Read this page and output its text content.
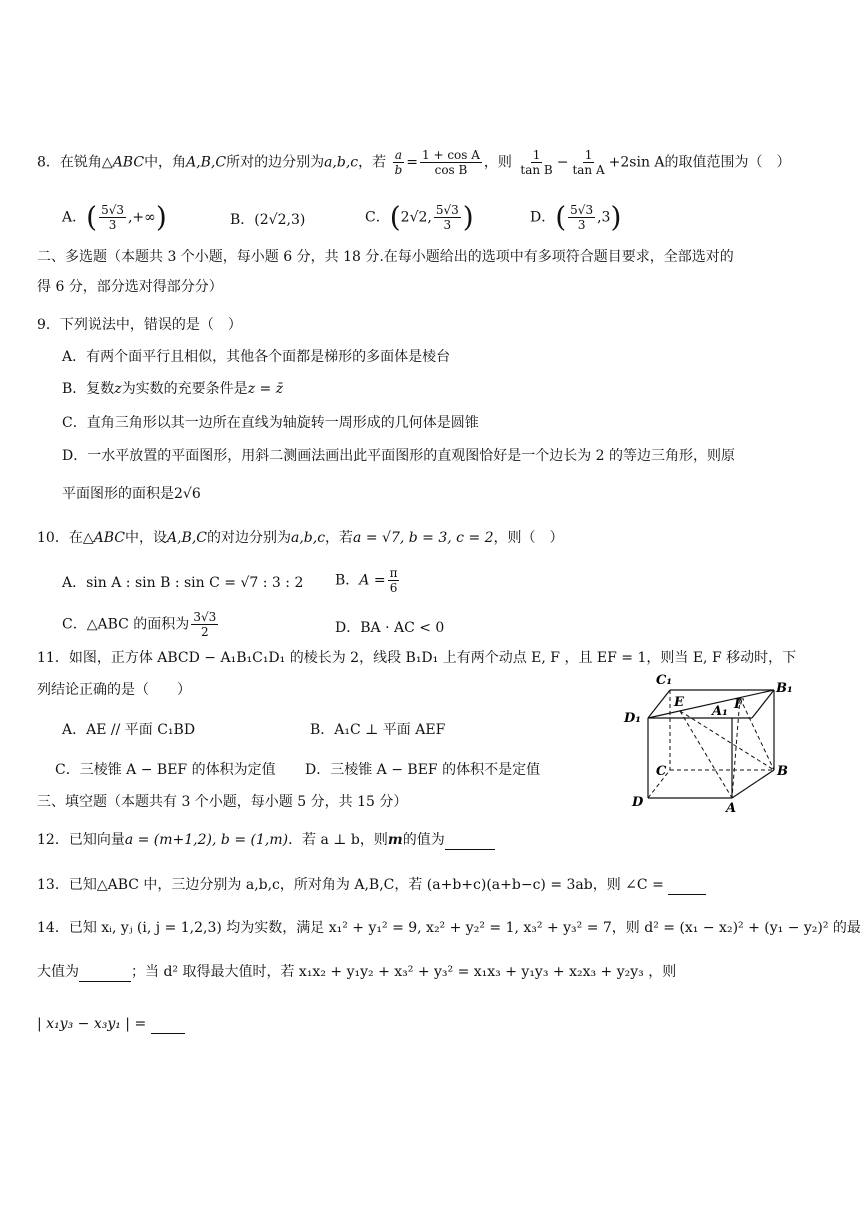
8．在锐角△ABC中，角A,B,C所对的边分别为a,b,c，若 $\frac{a}{b} = \frac{\text{1 + cos A}}{\text{cos B}}$ ，则 $\frac{1}{\text{tan B}} - \frac{1}{\text{tan A}} +2\sin$ A的取值范围为（　）
A．( $\frac{5√3}{3}$ ,+∞)	B．(2√2,3)	C．(2√2, $\frac{5√3}{3}$ )	D．( $\frac{5√3}{3} ,3$)
二、多选题（本题共 3 个小题，每小题 6 分，共 18 分.在每小题给出的选项中有多项符合题目要求，全部选对的
得 6 分，部分选对得部分分）
9．下列说法中，错误的是（　）
A．有两个面平行且相似，其他各个面都是梯形的多面体是棱台
B．复数z为实数的充要条件是z = z̄
C．直角三角形以其一边所在直线为轴旋转一周形成的几何体是圆锥
D．一水平放置的平面图形，用斜二测画法画出此平面图形的直观图恰好是一个边长为 2 的等边三角形，则原
平面图形的面积是2√6
10．在△ABC中，设A,B,C的对边分别为a,b,c，若a = √7, b = 3, c = 2，则（　）
A．sin A : sin B : sin C = √7 : 3 : 2 B．$A = \frac{\pi}{6}$
C．△ABC 的面积为 $\frac{3√3}{2}$	D．BA · AC < 0
11．如图，正方体 ABCD − A₁B₁C₁D₁ 的棱长为 2，线段 B₁D₁ 上有两个动点 E, F ，且 EF = 1，则当 E, F 移动时，下
列结论正确的是（　　）
A．AE // 平面 C₁BD	B．A₁C ⊥ 平面 AEF
C．三棱锥 A − BEF 的体积为定值 D．三棱锥 A − BEF 的体积不是定值
C₁
B₁
D₁
E
A₁ F
C	B
D	A
三、填空题（本题共有 3 个小题，每小题 5 分，共 15 分）
12．已知向量a = (m+1,2), b = (1,m)．若 a ⊥ b，则m的值为
13．已知△ABC 中，三边分别为 a,b,c，所对角为 A,B,C，若 (a+b+c)(a+b−c) = 3ab，则 ∠C =
14．已知 xᵢ, yⱼ (i, j = 1,2,3) 均为实数，满足 x₁² + y₁² = 9, x₂² + y₂² = 1, x₃² + y₃² = 7，则 d² = (x₁ − x₂)² + (y₁ − y₂)² 的最
大值为	；当 d² 取得最大值时，若 x₁x₂ + y₁y₂ + x₃² + y₃² = x₁x₃ + y₁y₃ + x₂x₃ + y₂y₃ ，则
| x₁y₃ − x₃y₁ | =
